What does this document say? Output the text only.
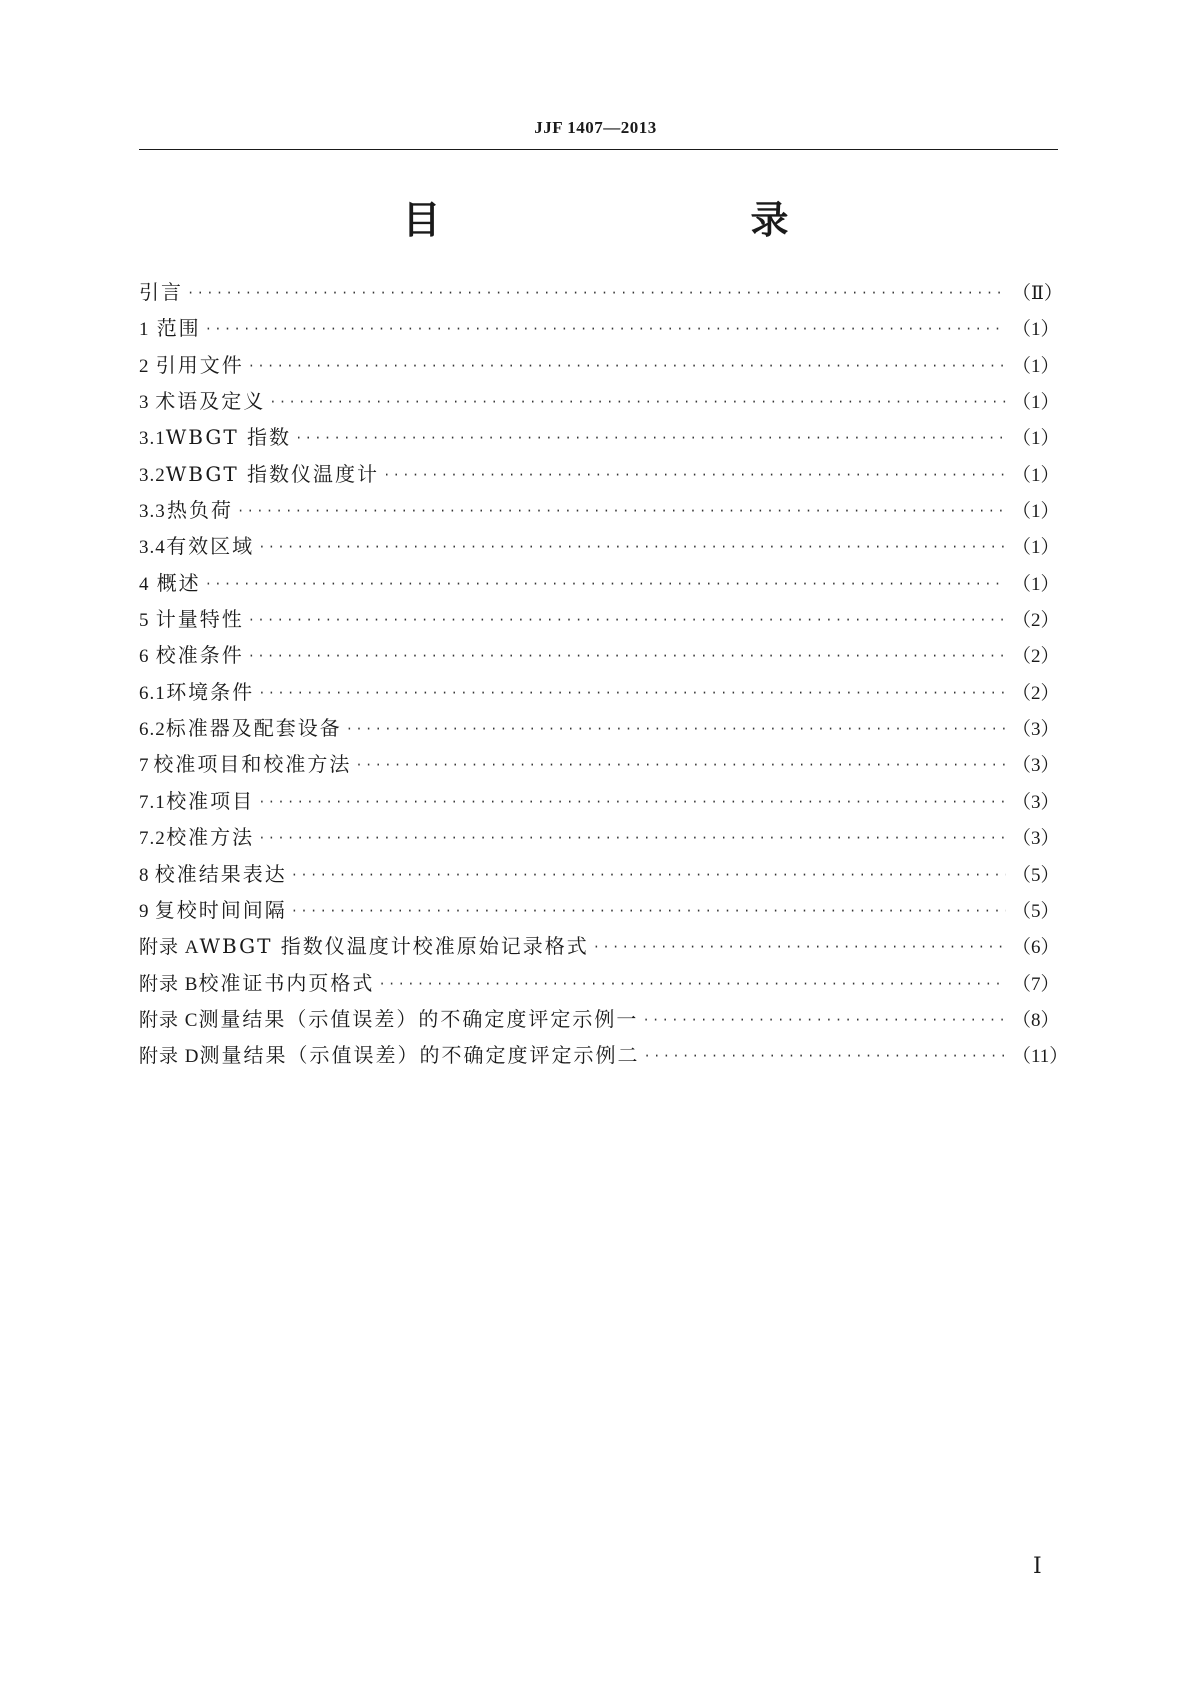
JJF 1407—2013
目　　录
引言 ·····	（Ⅱ）
1 范围 ·····	（1）
2 引用文件 ·····	（1）
3 术语及定义 ·····	（1）
3.1 WBGT 指数 ·····	（1）
3.2 WBGT 指数仪温度计 ·····	（1）
3.3 热负荷 ·····	（1）
3.4 有效区域 ·····	（1）
4 概述 ·····	（1）
5 计量特性 ·····	（2）
6 校准条件 ·····	（2）
6.1 环境条件 ·····	（2）
6.2 标准器及配套设备 ·····	（3）
7 校准项目和校准方法 ·····	（3）
7.1 校准项目 ·····	（3）
7.2 校准方法 ·····	（3）
8 校准结果表达 ·····	（5）
9 复校时间间隔 ·····	（5）
附录 A WBGT 指数仪温度计校准原始记录格式 ·····	（6）
附录 B 校准证书内页格式 ·····	（7）
附录 C 测量结果（示值误差）的不确定度评定示例一 ·····	（8）
附录 D 测量结果（示值误差）的不确定度评定示例二 ·····	（11）
Ⅰ
